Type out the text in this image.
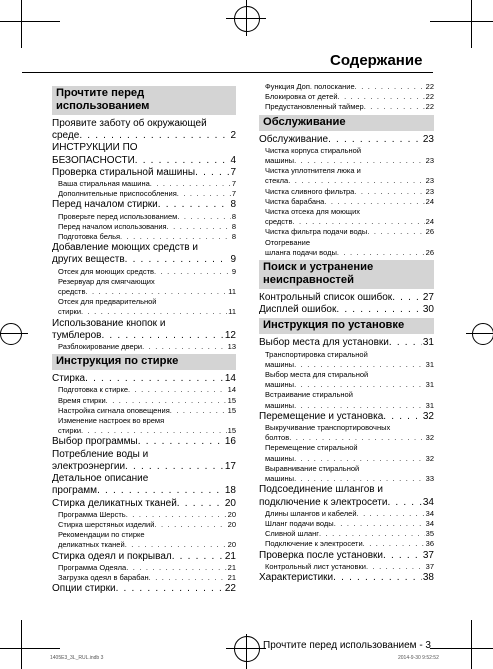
Содержание
Прочтите перед
использованием
Проявите заботу об окружающей
среде . . .	2
ИНСТРУКЦИИ ПО
БЕЗОПАСНОСТИ . . .	4
Проверка стиральной машины . . .	7
Ваша стиральная машина . . .	7
Дополнительные приспособления . . .	7
Перед началом стирки . . .	8
Проверьте перед использованием . . .	8
Перед началом использования . . .	8
Подготовка белья . . .	8
Добавление моющих средств и
других веществ . . .	9
Отсек для моющих средств . . .	9
Резервуар для смягчающих
средств . . .	11
Отсек для предварительной
стирки . . .	11
Использование кнопок и
тумблеров . . .	12
Разблокирование двери . . .	13
Инструкция по стирке
Стирка . . .	14
Подготовка к стирке . . .	14
Время стирки . . .	15
Настройка сигнала оповещения . . .	15
Изменение настроек во время
стирки . . .	15
Выбор программы . . .	16
Потребление воды и
электроэнергии . . .	17
Детальное описание
программ . . .	18
Стирка деликатных тканей . . .	20
Программа Шерсть . . .	20
Стирка шерстяных изделий . . .	20
Рекомендации по стирке
деликатных тканей . . .	20
Стирка одеял и покрывал . . .	21
Программа Одеяла . . .	21
Загрузка одеял в барабан . . .	21
Опции стирки . . .	22
Функция Доп. полоскание . . .	22
Блокировка от детей . . .	22
Предустановленный таймер . . .	22
Обслуживание
Обслуживание . . .	23
Чистка корпуса стиральной
машины . . .	23
Чистка уплотнителя люка и
стекла . . .	23
Чистка сливного фильтра . . .	23
Чистка барабана . . .	24
Чистка отсека для моющих
средств . . .	24
Чистка фильтра подачи воды . . .	26
Отогревание
шланга подачи воды . . .	26
Поиск и устранение
неисправностей
Контрольный список ошибок . . .	27
Дисплей ошибок . . .	30
Инструкция по установке
Выбор места для установки . . .	31
Транспортировка стиральной
машины . . .	31
Выбор места для стиральной
машины . . .	31
Встраивание стиральной
машины . . .	31
Перемещение и установка . . .	32
Выкручивание транспортировочных
болтов . . .	32
Перемещение стиральной
машины . . .	32
Выравнивание стиральной
машины . . .	33
Подсоединение шлангов и
подключение к электросети . . .	34
Длины шлангов и кабелей . . .	34
Шланг подачи воды . . .	34
Сливной шланг . . .	35
Подключение к электросети . . .	36
Проверка после установки . . .	37
Контрольный лист установки . . .	37
Характеристики . . .	38
Прочтите перед использованием - 3
1405E3_3L_RUL.indb 3	2014-9-30 9:52:52
